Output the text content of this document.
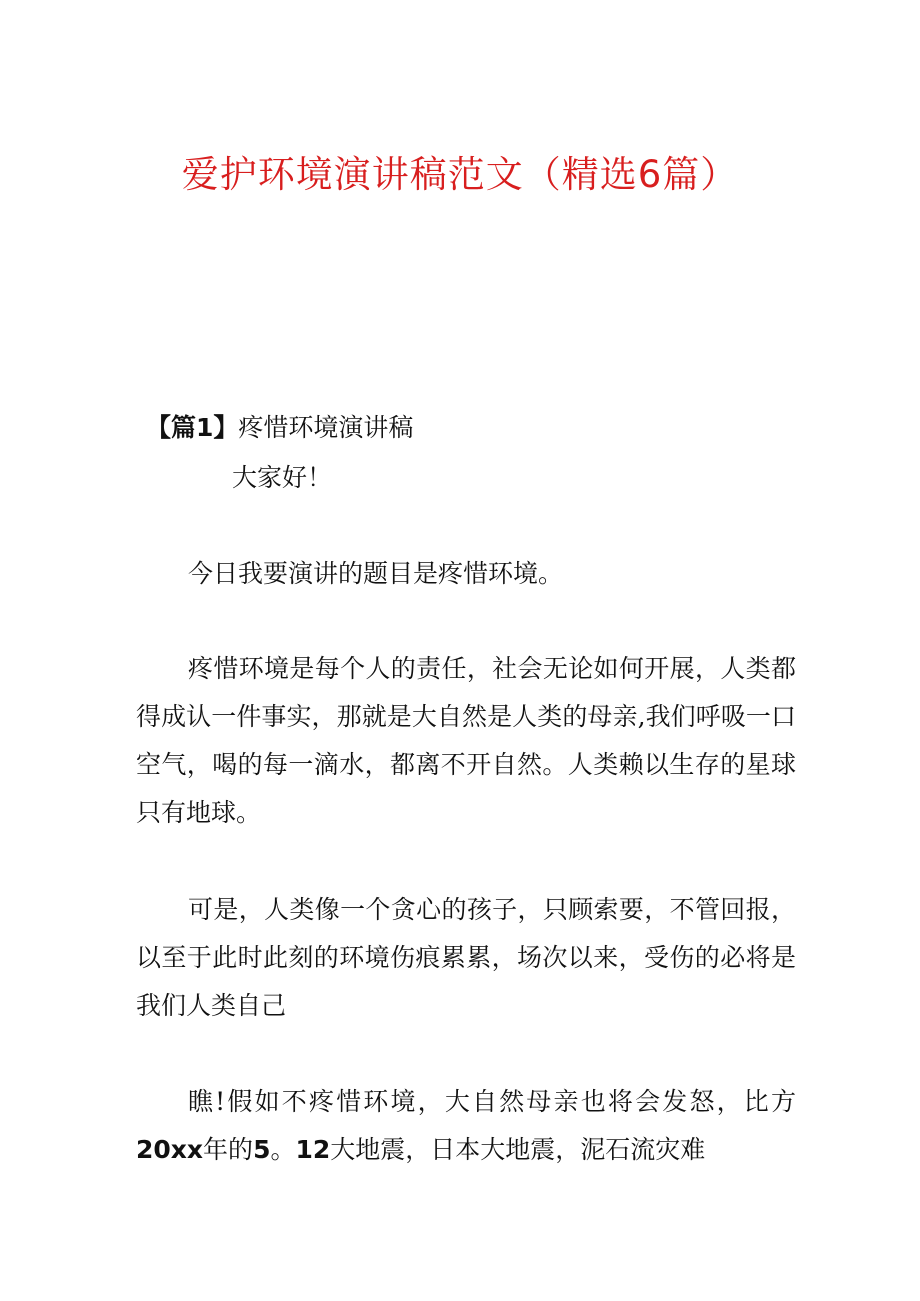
爱护环境演讲稿范文（精选6篇）
【篇1】疼惜环境演讲稿
大家好！
今日我要演讲的题目是疼惜环境。
疼惜环境是每个人的责任，社会无论如何开展，人类都得成认一件事实，那就是大自然是人类的母亲,我们呼吸一口空气，喝的每一滴水，都离不开自然。人类赖以生存的星球只有地球。
可是，人类像一个贪心的孩子，只顾索要，不管回报，以至于此时此刻的环境伤痕累累，场次以来，受伤的必将是我们人类自己
瞧!假如不疼惜环境，大自然母亲也将会发怒，比方20xx年的5。12大地震，日本大地震，泥石流灾难
